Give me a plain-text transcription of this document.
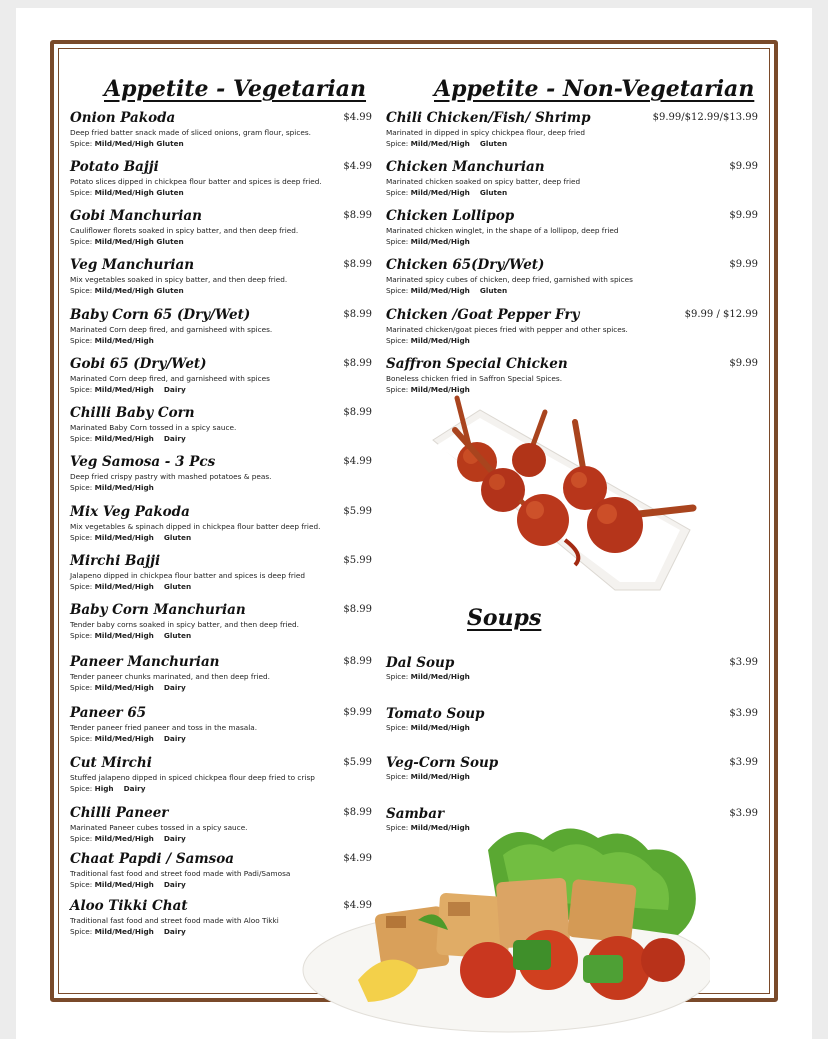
Appetite - Vegetarian	Appetite - Non-Vegetarian
Soups
Onion Pakoda	$4.99
Deep fried batter snack made of sliced onions, gram flour, spices.
Spice: Mild/Med/High Gluten
Potato Bajji	$4.99
Potato slices dipped in chickpea flour batter and spices is deep fried.
Spice: Mild/Med/High Gluten
Gobi Manchurian	$8.99
Cauliflower florets soaked in spicy batter, and then deep fried.
Spice: Mild/Med/High Gluten
Veg Manchurian	$8.99
Mix vegetables soaked in spicy batter, and then deep fried.
Spice: Mild/Med/High Gluten
Baby Corn 65 (Dry/Wet)	$8.99
Marinated Corn deep fired, and garnisheed with spices.
Spice: Mild/Med/High
Gobi 65 (Dry/Wet)	$8.99
Marinated Corn deep fired, and garnisheed with spices
Spice: Mild/Med/High Dairy
Chilli Baby Corn	$8.99
Marinated Baby Corn tossed in a spicy sauce.
Spice: Mild/Med/High Dairy
Veg Samosa - 3 Pcs	$4.99
Deep fried crispy pastry with mashed potatoes & peas.
Spice: Mild/Med/High
Mix Veg Pakoda	$5.99
Mix vegetables & spinach dipped in chickpea flour batter deep fried.
Spice: Mild/Med/High Gluten
Mirchi Bajji	$5.99
Jalapeno dipped in chickpea flour batter and spices is deep fried
Spice: Mild/Med/High Gluten
Baby Corn Manchurian	$8.99
Tender baby corns soaked in spicy batter, and then deep fried.
Spice: Mild/Med/High Gluten
Paneer Manchurian	$8.99
Tender paneer chunks marinated, and then deep fried.
Spice: Mild/Med/High Dairy
Paneer 65	$9.99
Tender paneer fried paneer and toss in the masala.
Spice: Mild/Med/High Dairy
Cut Mirchi	$5.99
Stuffed jalapeno dipped in spiced chickpea flour deep fried to crisp
Spice: High Dairy
Chilli Paneer	$8.99
Marinated Paneer cubes tossed in a spicy sauce.
Spice: Mild/Med/High Dairy
Chaat Papdi / Samsoa	$4.99
Traditional fast food and street food made with Padi/Samosa
Spice: Mild/Med/High Dairy
Aloo Tikki Chat	$4.99
Traditional fast food and street food made with Aloo Tikki
Spice: Mild/Med/High Dairy
Chili Chicken/Fish/ Shrimp	$9.99/$12.99/$13.99
Marinated in dipped in spicy chickpea flour, deep fried
Spice: Mild/Med/High Gluten
Chicken Manchurian	$9.99
Marinated chicken soaked on spicy batter, deep fried
Spice: Mild/Med/High Gluten
Chicken Lollipop	$9.99
Marinated chicken winglet, in the shape of a lollipop, deep fried
Spice: Mild/Med/High
Chicken 65(Dry/Wet)	$9.99
Marinated spicy cubes of chicken, deep fried, garnished with spices
Spice: Mild/Med/High Gluten
Chicken /Goat Pepper Fry	$9.99 / $12.99
Marinated chicken/goat pieces fried with pepper and other spices.
Spice: Mild/Med/High
Saffron Special Chicken	$9.99
Boneless chicken fried in Saffron Special Spices.
Spice: Mild/Med/High
Dal Soup	$3.99
Spice: Mild/Med/High
Tomato Soup	$3.99
Spice: Mild/Med/High
Veg-Corn Soup	$3.99
Spice: Mild/Med/High
Sambar	$3.99
Spice: Mild/Med/High
